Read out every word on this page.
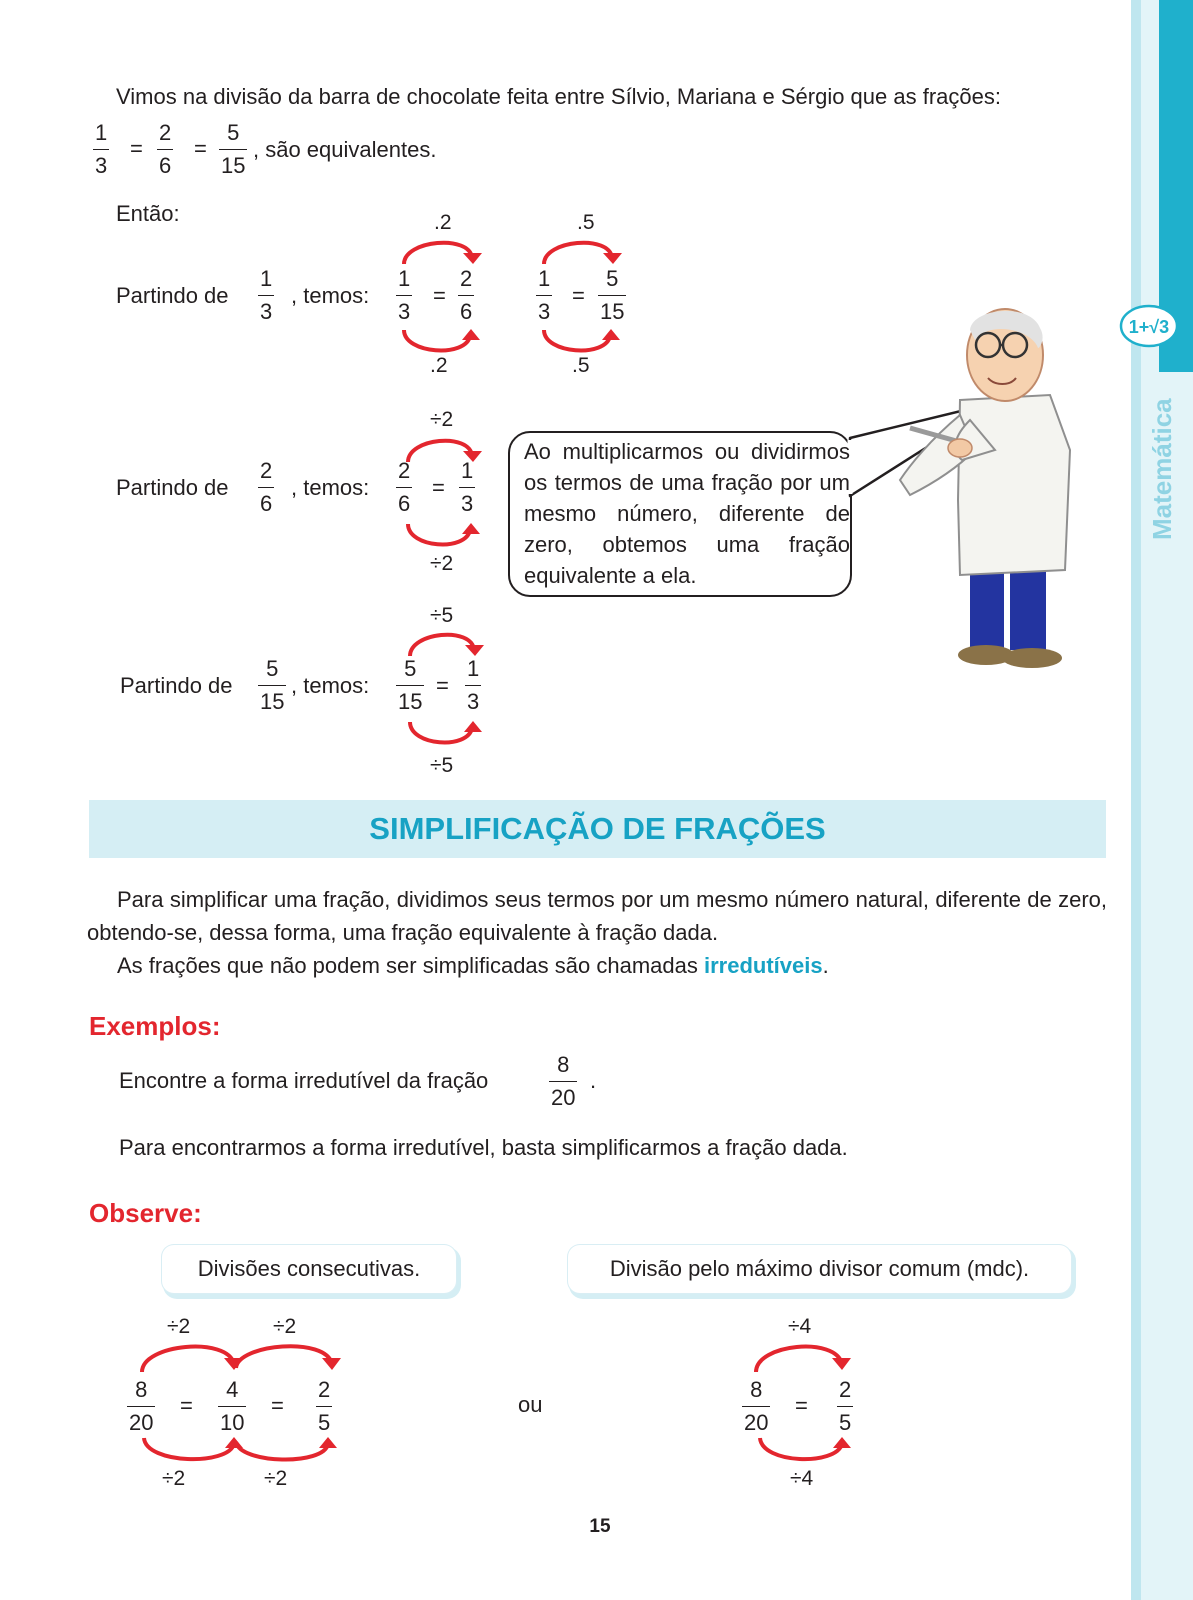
Vimos na divisão da barra de chocolate feita entre Sílvio, Mariana e Sérgio que as frações:
1
3
=
2
6
=
5
15
, são equivalentes.
Então:
Partindo de
1
3
, temos:
.2
1
3
=
2
6
.2
.5
1
3
=
5
15
.5
÷2
Partindo de
2
6
, temos:
2
6
=
1
3
÷2
÷5
Partindo de
5
15
, temos:
5
15
=
1
3
÷5
Ao multiplicarmos ou dividirmos os termos de uma fração por um mesmo número, diferente de zero, obtemos uma fração equivalente a ela.
SIMPLIFICAÇÃO DE FRAÇÕES
Para simplificar uma fração, dividimos seus termos por um mesmo número natural, diferente de zero, obtendo-se, dessa forma, uma fração equivalente à fração dada.
As frações que não podem ser simplificadas são chamadas irredutíveis.
Exemplos:
Encontre a forma irredutível da fração
8
20
.
Para encontrarmos a forma irredutível, basta simplificarmos a fração dada.
Observe:
Divisões consecutivas.	Divisão pelo máximo divisor comum (mdc).
÷2	÷2
8
20
=
4
10
=
2
5
÷2	÷2
ou
÷4
8
20
=
2
5
÷4
15
1+√3
Matemática
